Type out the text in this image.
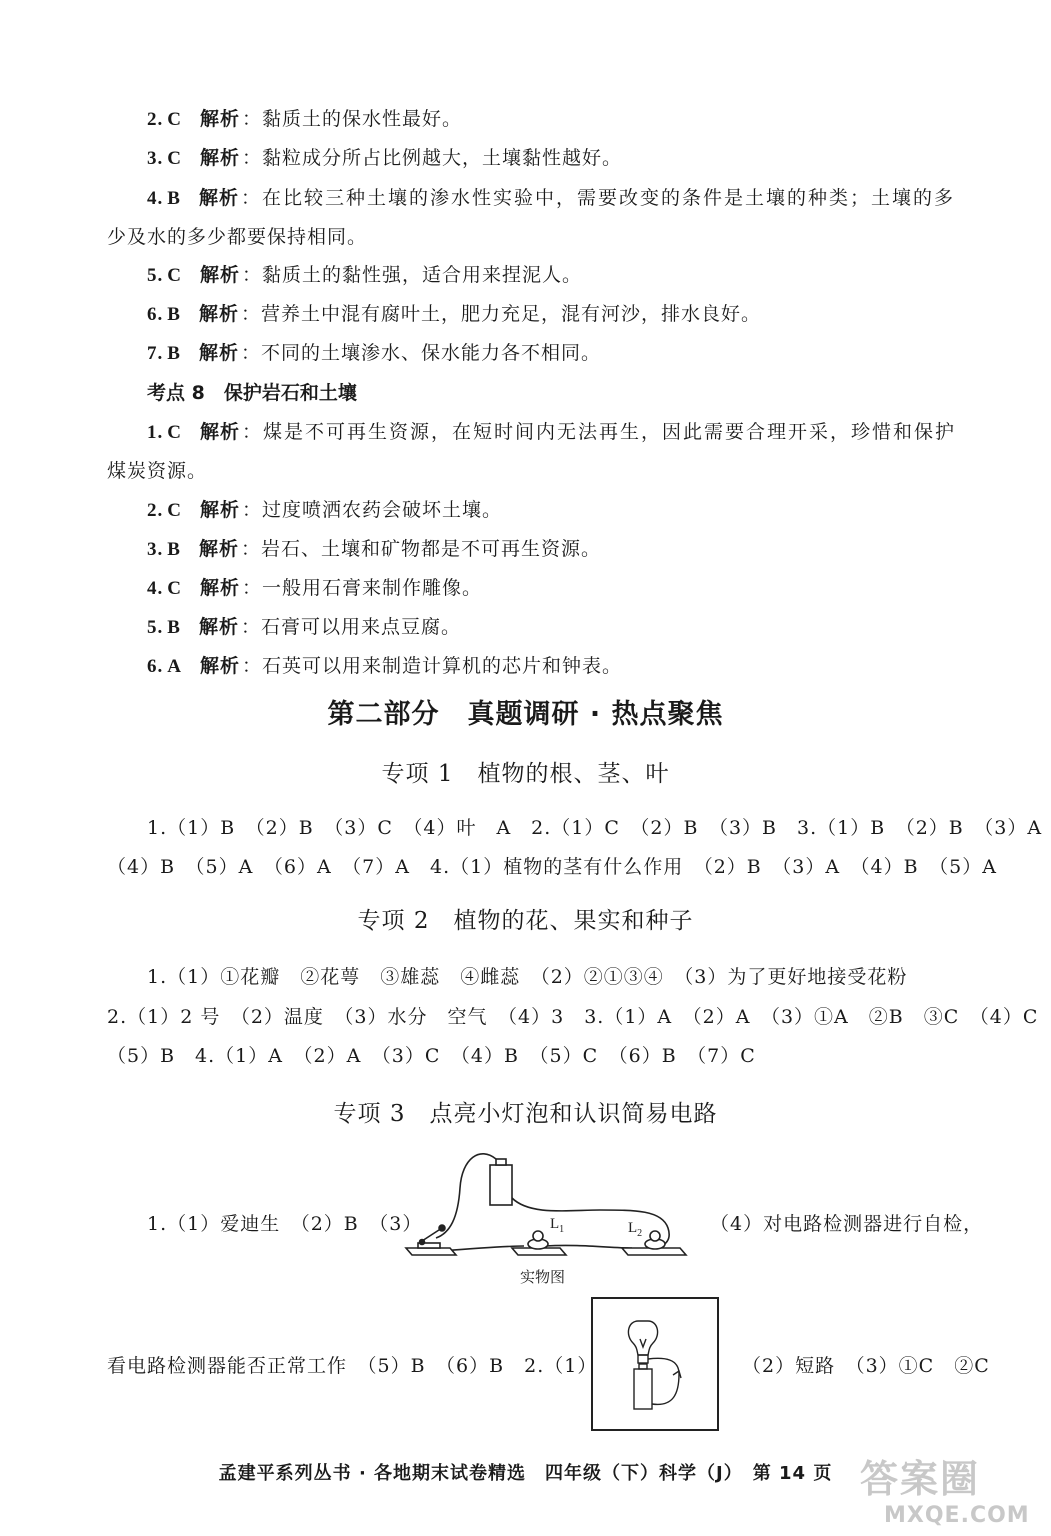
2. C 解析 ：黏质土的保水性最好。
3. C 解析 ：黏粒成分所占比例越大，土壤黏性越好。
4. B 解析 ：在比较三种土壤的渗水性实验中，需要改变的条件是土壤的种类；土壤的多
少及水的多少都要保持相同。
5. C 解析 ：黏质土的黏性强，适合用来捏泥人。
6. B 解析 ：营养土中混有腐叶土，肥力充足，混有河沙，排水良好。
7. B 解析 ：不同的土壤渗水、保水能力各不相同。
考点 8　保护岩石和土壤
1. C 解析 ：煤是不可再生资源，在短时间内无法再生，因此需要合理开采，珍惜和保护
煤炭资源。
2. C 解析 ：过度喷洒农药会破坏土壤。
3. B 解析 ：岩石、土壤和矿物都是不可再生资源。
4. C 解析 ：一般用石膏来制作雕像。
5. B 解析 ：石膏可以用来点豆腐。
6. A 解析 ：石英可以用来制造计算机的芯片和钟表。
第二部分　真题调研 · 热点聚焦
专项 1　植物的根、茎、叶
1.（1）B　（2）B　（3）C　（4）叶　A　2.（1）C　（2）B　（3）B　3.（1）B　（2）B　（3）A
（4）B　（5）A　（6）A　（7）A　4.（1）植物的茎有什么作用　（2）B　（3）A　（4）B　（5）A
专项 2　植物的花、果实和种子
1.（1）①花瓣　②花萼　③雄蕊　④雌蕊　（2）②①③④　（3）为了更好地接受花粉
2.（1）2 号　（2）温度　（3）水分　空气　（4）3　3.（1）A　（2）A　（3）①A　②B　③C　（4）C
（5）B　4.（1）A　（2）A　（3）C　（4）B　（5）C　（6）B　（7）C
专项 3　点亮小灯泡和认识简易电路
1.（1）爱迪生　（2）B　（3）	（4）对电路检测器进行自检，
$L_1$	$L_2$
实物图
看电路检测器能否正常工作　（5）B　（6）B　2.（1）	（2）短路　（3）①C　②C
孟建平系列丛书 · 各地期末试卷精选　四年级（下）科学（J）　第 14 页 答案圈
MXQE.COM
